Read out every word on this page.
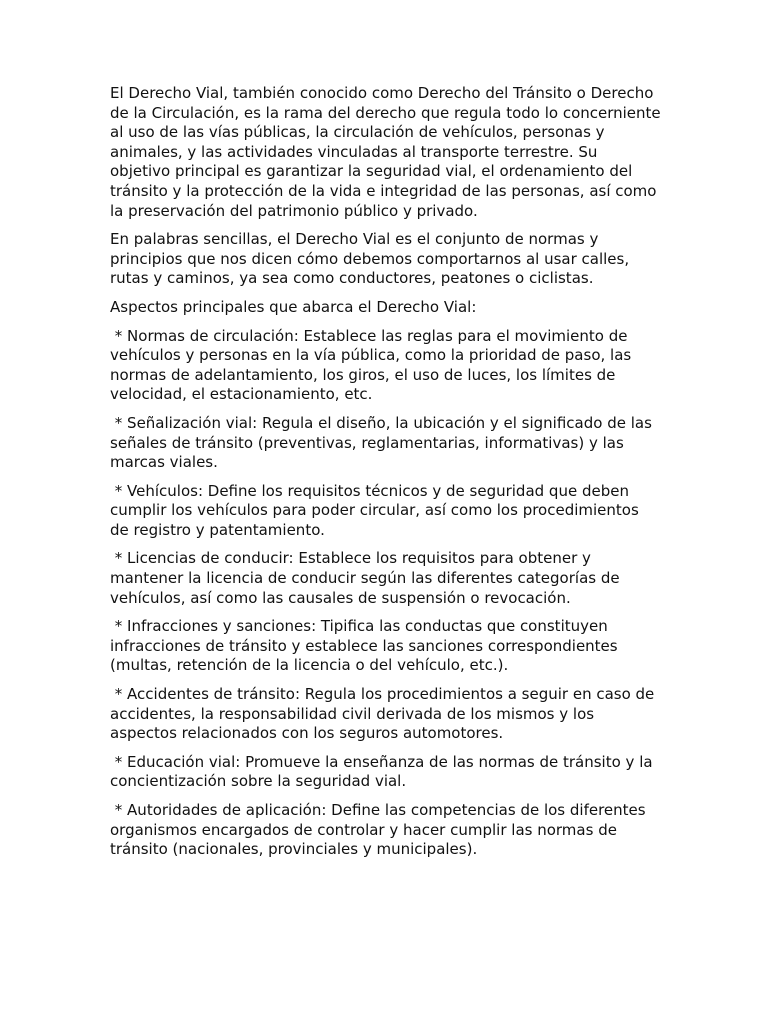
El Derecho Vial, también conocido como Derecho del Tránsito o Derecho de la Circulación, es la rama del derecho que regula todo lo concerniente al uso de las vías públicas, la circulación de vehículos, personas y animales, y las actividades vinculadas al transporte terrestre. Su objetivo principal es garantizar la seguridad vial, el ordenamiento del tránsito y la protección de la vida e integridad de las personas, así como la preservación del patrimonio público y privado.

En palabras sencillas, el Derecho Vial es el conjunto de normas y principios que nos dicen cómo debemos comportarnos al usar calles, rutas y caminos, ya sea como conductores, peatones o ciclistas.

Aspectos principales que abarca el Derecho Vial:

* Normas de circulación: Establece las reglas para el movimiento de vehículos y personas en la vía pública, como la prioridad de paso, las normas de adelantamiento, los giros, el uso de luces, los límites de velocidad, el estacionamiento, etc.

* Señalización vial: Regula el diseño, la ubicación y el significado de las señales de tránsito (preventivas, reglamentarias, informativas) y las marcas viales.

* Vehículos: Define los requisitos técnicos y de seguridad que deben cumplir los vehículos para poder circular, así como los procedimientos de registro y patentamiento.

* Licencias de conducir: Establece los requisitos para obtener y mantener la licencia de conducir según las diferentes categorías de vehículos, así como las causales de suspensión o revocación.

* Infracciones y sanciones: Tipifica las conductas que constituyen infracciones de tránsito y establece las sanciones correspondientes (multas, retención de la licencia o del vehículo, etc.).

* Accidentes de tránsito: Regula los procedimientos a seguir en caso de accidentes, la responsabilidad civil derivada de los mismos y los aspectos relacionados con los seguros automotores.

* Educación vial: Promueve la enseñanza de las normas de tránsito y la concientización sobre la seguridad vial.

* Autoridades de aplicación: Define las competencias de los diferentes organismos encargados de controlar y hacer cumplir las normas de tránsito (nacionales, provinciales y municipales).
